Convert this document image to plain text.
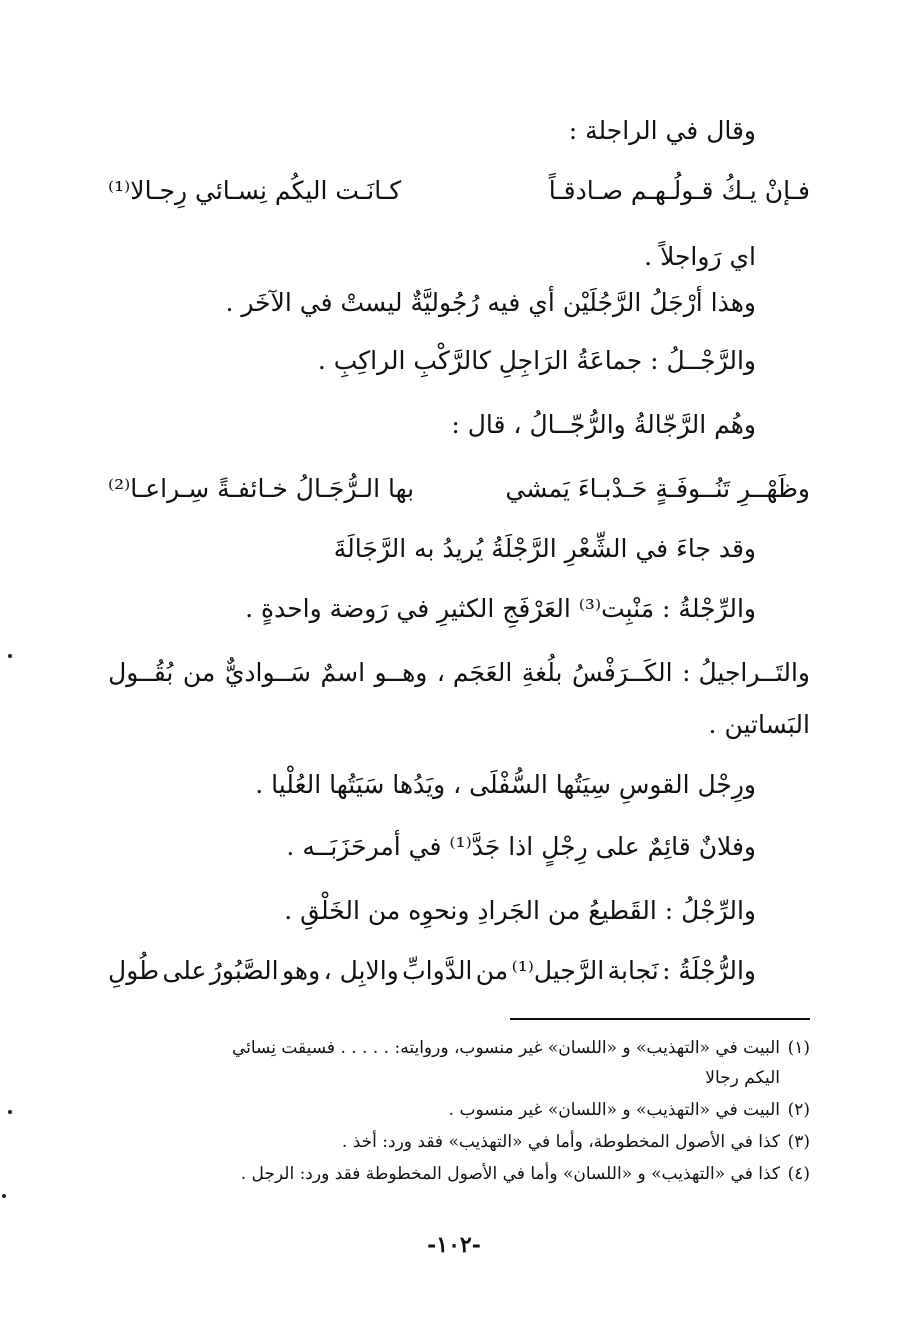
وقال في الراجلة :
فـإنْ يـكُ قـولُـهـم صـادقـاً
كـانَـت اليكُم نِسـائي رِجـالا⁽¹⁾
اي رَواجلاً .
وهذا أرْجَلُ الرَّجُلَيْن أي فيه رُجُوليَّةٌ ليستْ في الآخَر .
والرَّجْــلُ : جماعَةُ الرَاجِلِ كالرَّكْبِ الراكِبِ .
وهُم الرَّجّالةُ والرُّجّــالُ ، قال :
وظَهْــرِ تَنُــوفَـةٍ حَـدْبـاءَ يَمشي
بها الـرُّجَـالُ خـائفـةً سِـراعـا⁽²⁾
وقد جاءَ في الشِّعْرِ الرَّجْلَةُ يُريدُ به الرَّجَالَةَ
والرِّجْلةُ : مَنْبِت⁽³⁾ العَرْفَجِ الكثيرِ في رَوضة واحدةٍ .
والتَــراجيلُ :
الكَــرَفْسُ
بلُغةِ
العَجَم ،
وهــو
اسمٌ
سَــواديٌّ
من
بُقُــول
البَساتين .
ورِجْل القوسِ سِيَتُها السُّفْلَى ، ويَدُها سَيَتُها العُلْيا .
وفلانٌ قائِمٌ على رِجْلٍ اذا جَدَّ⁽¹⁾ في أمرحَزَبَــه .
والرِّجْلُ : القَطيعُ من الجَرادِ ونحوِه من الخَلْقِ .
والرُّجْلَةُ :
نَجابة
الرَّجيل⁽¹⁾
من
الدَّوابِّ
والابِل ،
وهو
الصَّبُورُ
على
طُولِ
(١)البيت في «التهذيب» و «اللسان» غير منسوب، وروايته: . . . . . فسيقت نِسائي
اليكم رجالا
(٢)البيت في «التهذيب» و «اللسان» غير منسوب .
(٣)كذا في الأصول المخطوطة، وأما في «التهذيب» فقد ورد: أخذ .
(٤)كذا في «التهذيب» و «اللسان» وأما في الأصول المخطوطة فقد ورد: الرجل .
-١٠٢-
